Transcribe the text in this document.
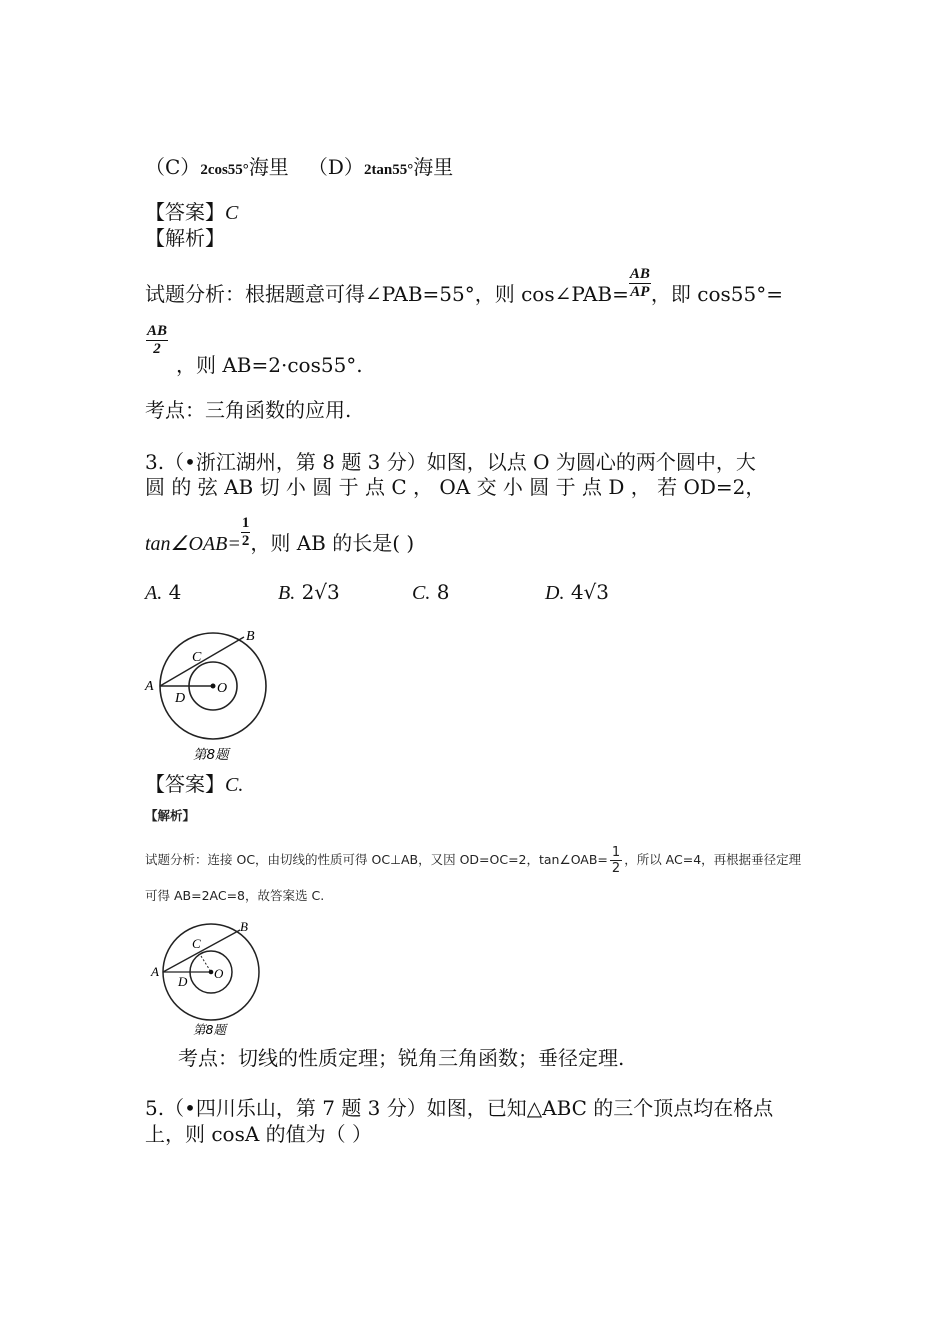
（C）2cos55°海里 （D）2tan55°海里
【答案】C
【解析】
试题分析：根据题意可得∠PAB=55°，则 cos∠PAB= $\frac{AB}{AP}$ ，即 cos55°=
$\frac{AB}{2}$
，则 AB=2·cos55°.
考点：三角函数的应用.
3.（•浙江湖州，第 8 题 3 分）如图，以点 O 为圆心的两个圆中，大
圆 的 弦 AB 切 小 圆 于 点 C ， OA 交 小 圆 于 点 D ， 若 OD=2，
tan∠OAB= $\frac{1}{2}$ ，则 AB 的长是( )
A. 4	B. 2√3	C. 8	D. 4√3
A
B
C
D
O
第8题
【答案】C.
【解析】
试题分析：连接 OC，由切线的性质可得 OC⊥AB，又因 OD=OC=2，tan∠OAB= $\frac{1}{2}$ ，所以 AC=4，再根据垂径定理
可得 AB=2AC=8，故答案选 C.
A
B
C
D
O
第8题
考点：切线的性质定理；锐角三角函数；垂径定理.
5.（•四川乐山，第 7 题 3 分）如图，已知△ABC 的三个顶点均在格点
上，则 cosA 的值为（ ）
